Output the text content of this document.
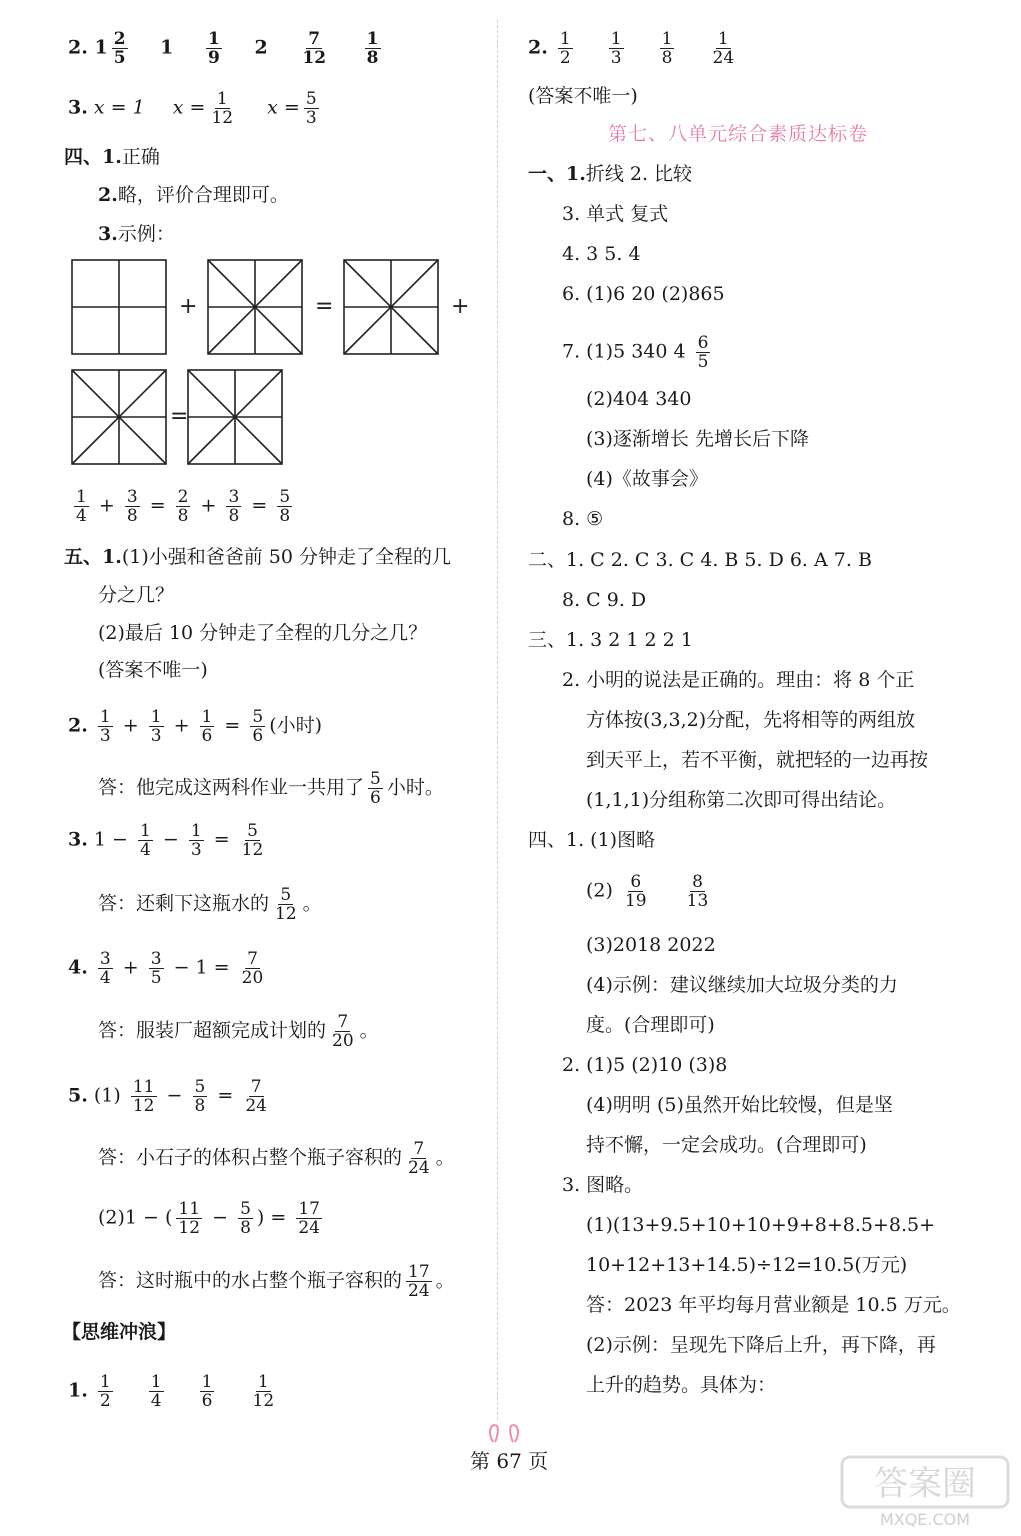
2. $1 \frac{2}{5} 1 \frac{1}{9} 2 \frac{7}{12}$
$\frac{1}{8}$
3. x = 1 $x = \frac{1}{12}$ $x = \frac{5}{3}$
四、1.正确
2.略，评价合理即可。
3.示例：
+	=	+
=
$\frac{1}{4} + \frac{3}{8} = \frac{2}{8} + \frac{3}{8} = \frac{5}{8}$
五、1.(1)小强和爸爸前 50 分钟走了全程的几
分之几？
(2)最后 10 分钟走了全程的几分之几？
(答案不唯一)
2. $\frac{1}{3} + \frac{1}{3} + \frac{1}{6} = \frac{5}{6}$ (小时)
答：他完成这两科作业一共用了 $\frac{5}{6}$ 小时。
3. $1 - \frac{1}{4} - \frac{1}{3} = \frac{5}{12}$
答：还剩下这瓶水的 $\frac{5}{12}$ 。
4. $\frac{3}{4} + \frac{3}{5} - 1 = \frac{7}{20}$
答：服装厂超额完成计划的 $\frac{7}{20}$ 。
5. $(1) \frac{11}{12} - \frac{5}{8} = \frac{7}{24}$
答：小石子的体积占整个瓶子容积的 $\frac{7}{24}$ 。
(2)1 − ( $\frac{11}{12} - \frac{5}{8}$ ) = $\frac{17}{24}$
答：这时瓶中的水占整个瓶子容积的 $\frac{17}{24}$ 。
【思维冲浪】
1. $\frac{1}{2}$
$\frac{1}{4}$
$\frac{1}{6}$
$\frac{1}{12}$
2. $\frac{1}{2}$
$\frac{1}{3}$
$\frac{1}{8}$
$\frac{1}{24}$
(答案不唯一)
第七、八单元综合素质达标卷
一、1.折线 2. 比较
3. 单式 复式
4. 3 5. 4
6. (1)6 20 (2)865
7. (1)5 340 $4 \frac{6}{5}$
(2)404 340
(3)逐渐增长 先增长后下降
(4)《故事会》
8. ⑤
二、1. C 2. C 3. C 4. B 5. D 6. A 7. B
8. C 9. D
三、1. 3 2 1 2 2 1
2. 小明的说法是正确的。理由：将 8 个正
方体按(3,3,2)分配，先将相等的两组放
到天平上，若不平衡，就把轻的一边再按
(1,1,1)分组称第二次即可得出结论。
四、1. (1)图略
$(2) \frac{6}{19}$
$\frac{8}{13}$
(3)2018 2022
(4)示例：建议继续加大垃圾分类的力
度。(合理即可)
2. (1)5 (2)10 (3)8
(4)明明 (5)虽然开始比较慢，但是坚
持不懈，一定会成功。(合理即可)
3. 图略。
(1)(13+9.5+10+10+9+8+8.5+8.5+
10+12+13+14.5)÷12=10.5(万元)
答：2023 年平均每月营业额是 10.5 万元。
(2)示例：呈现先下降后上升，再下降，再
上升的趋势。具体为：
第 67 页
答案圈
MXQE.COM
